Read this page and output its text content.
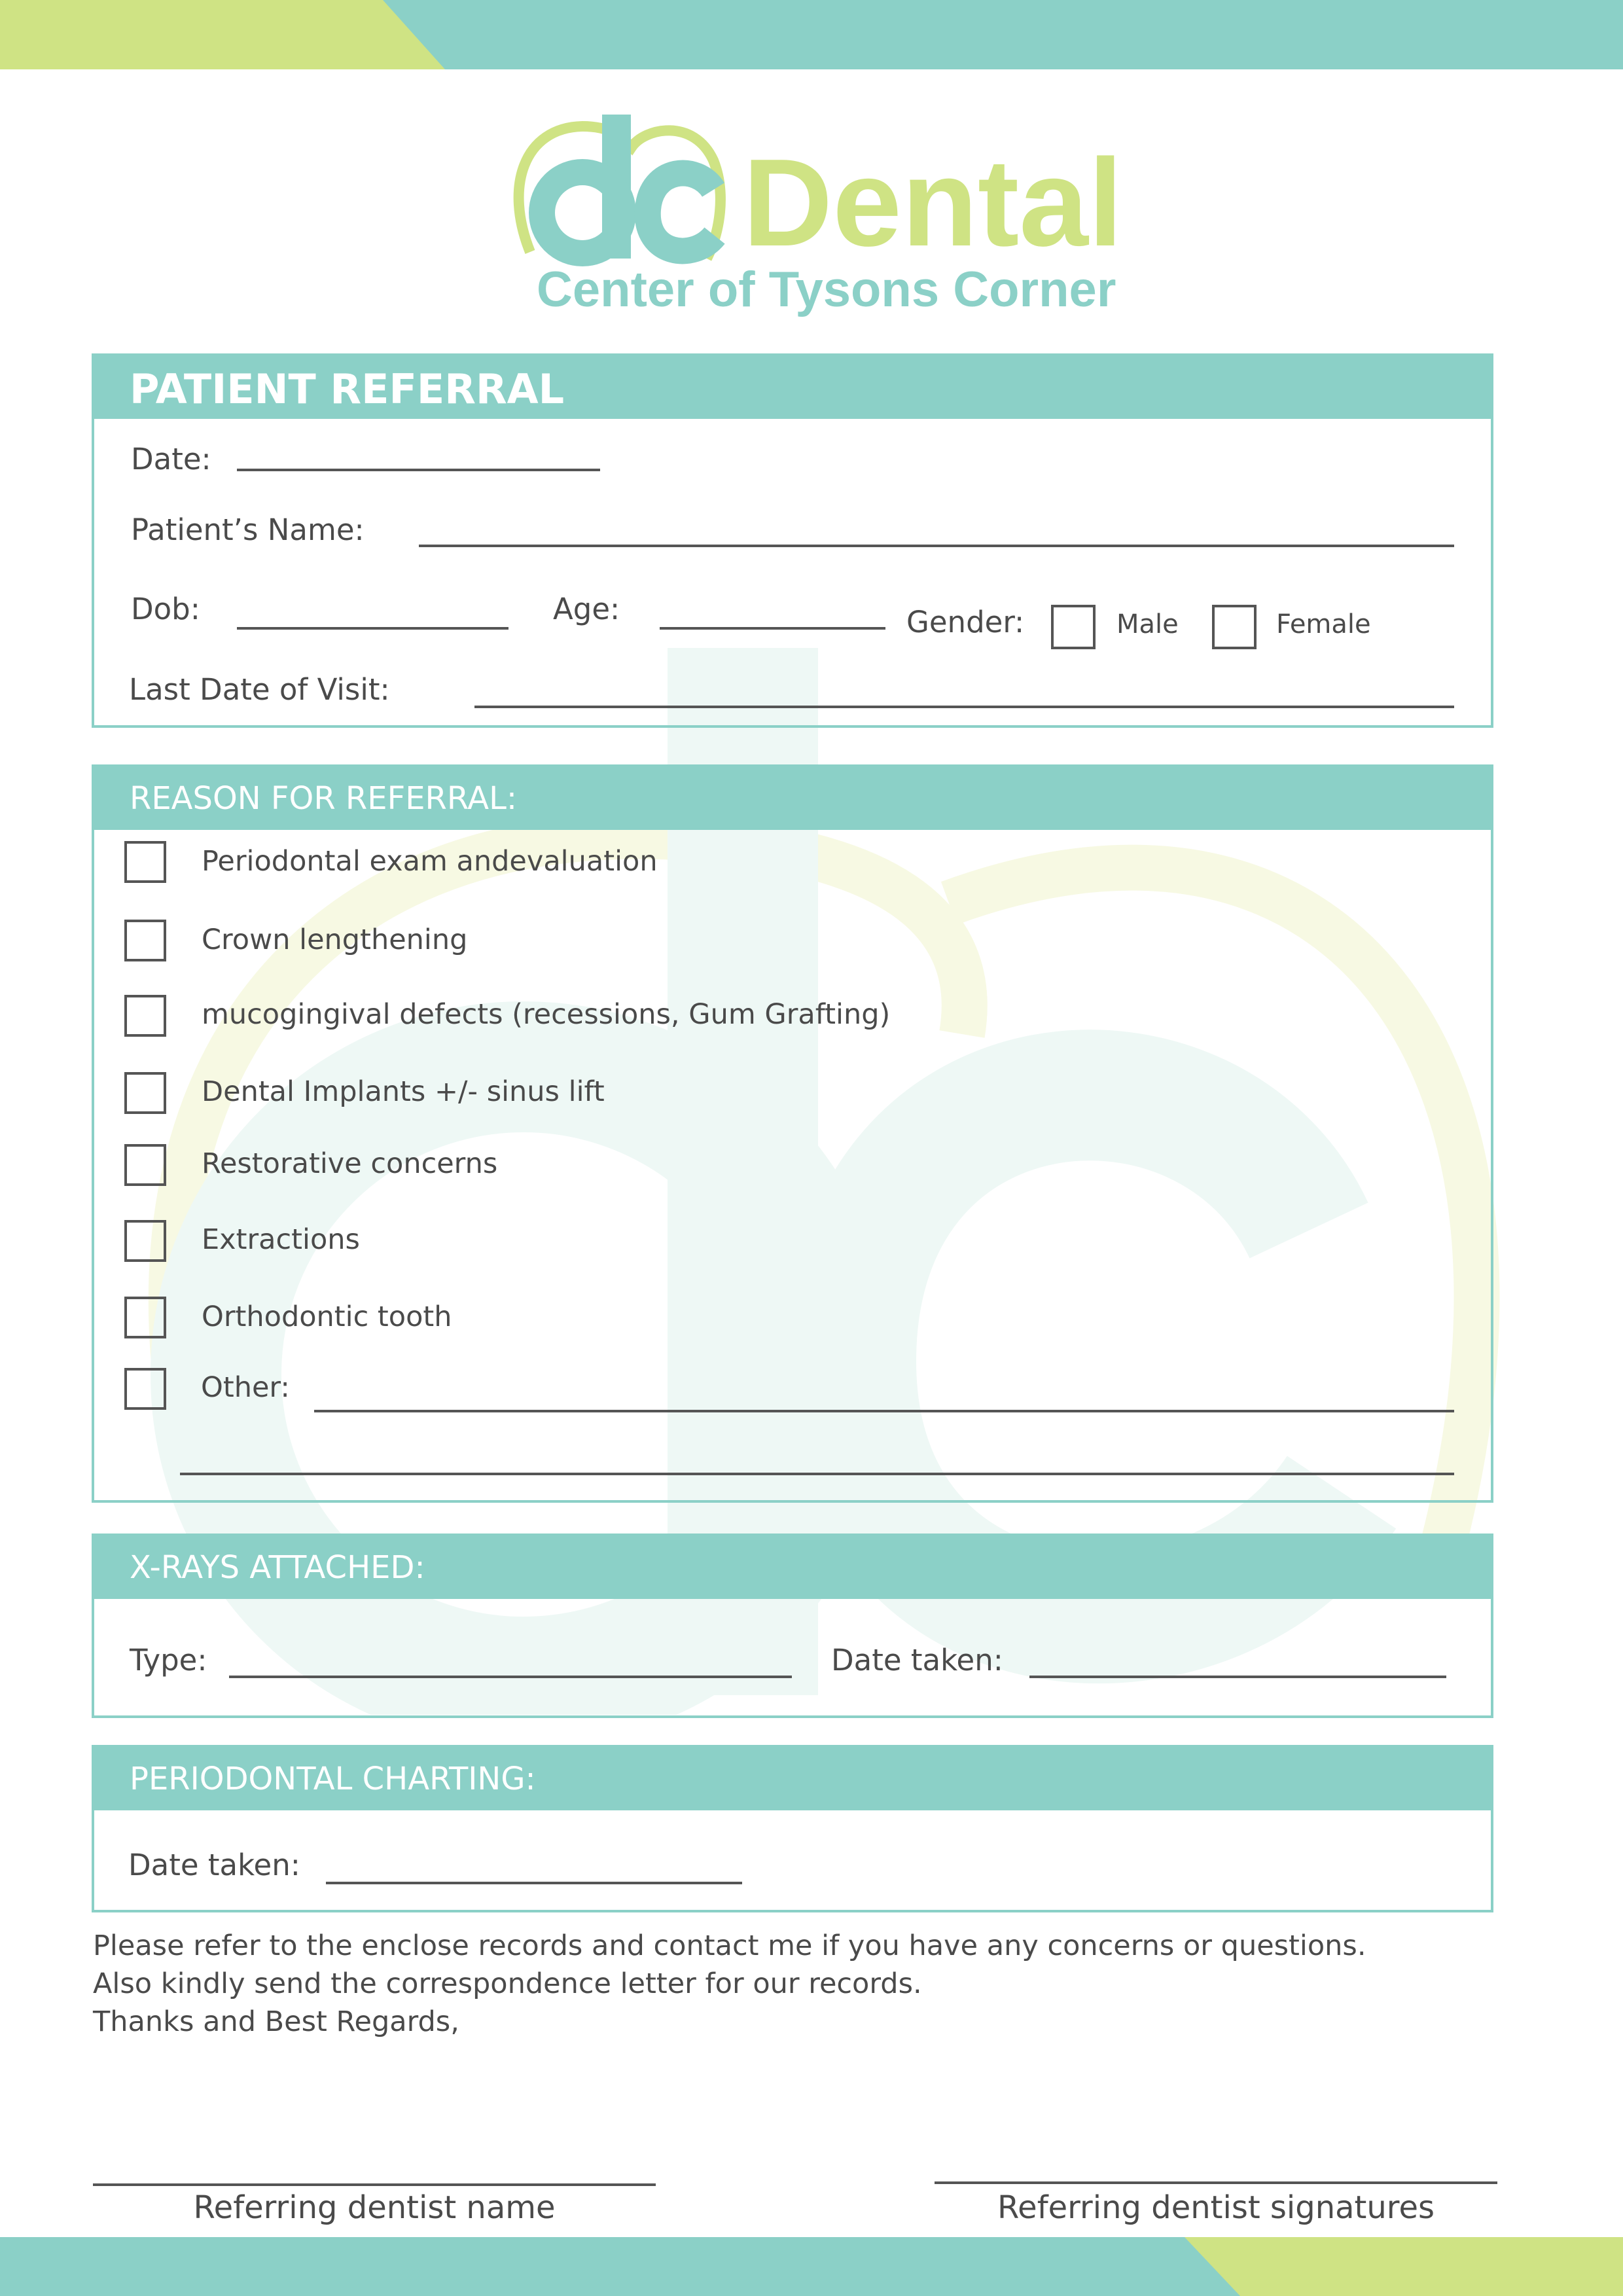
Dental
Center of Tysons Corner
PATIENT REFERRAL
Date:
Patient’s Name:
Dob:	Age:	Gender:	Male	Female
Last Date of Visit:
REASON FOR REFERRAL:
Periodontal exam andevaluation
Crown lengthening
mucogingival defects (recessions, Gum Grafting)
Dental Implants +/- sinus lift
Restorative concerns
Extractions
Orthodontic tooth
Other:
X-RAYS ATTACHED:
Type:	Date taken:
PERIODONTAL CHARTING:
Date taken:
Please refer to the enclose records and contact me if you have any concerns or questions.
Also kindly send the correspondence letter for our records.
Thanks and Best Regards,
Referring dentist name	Referring dentist signatures
